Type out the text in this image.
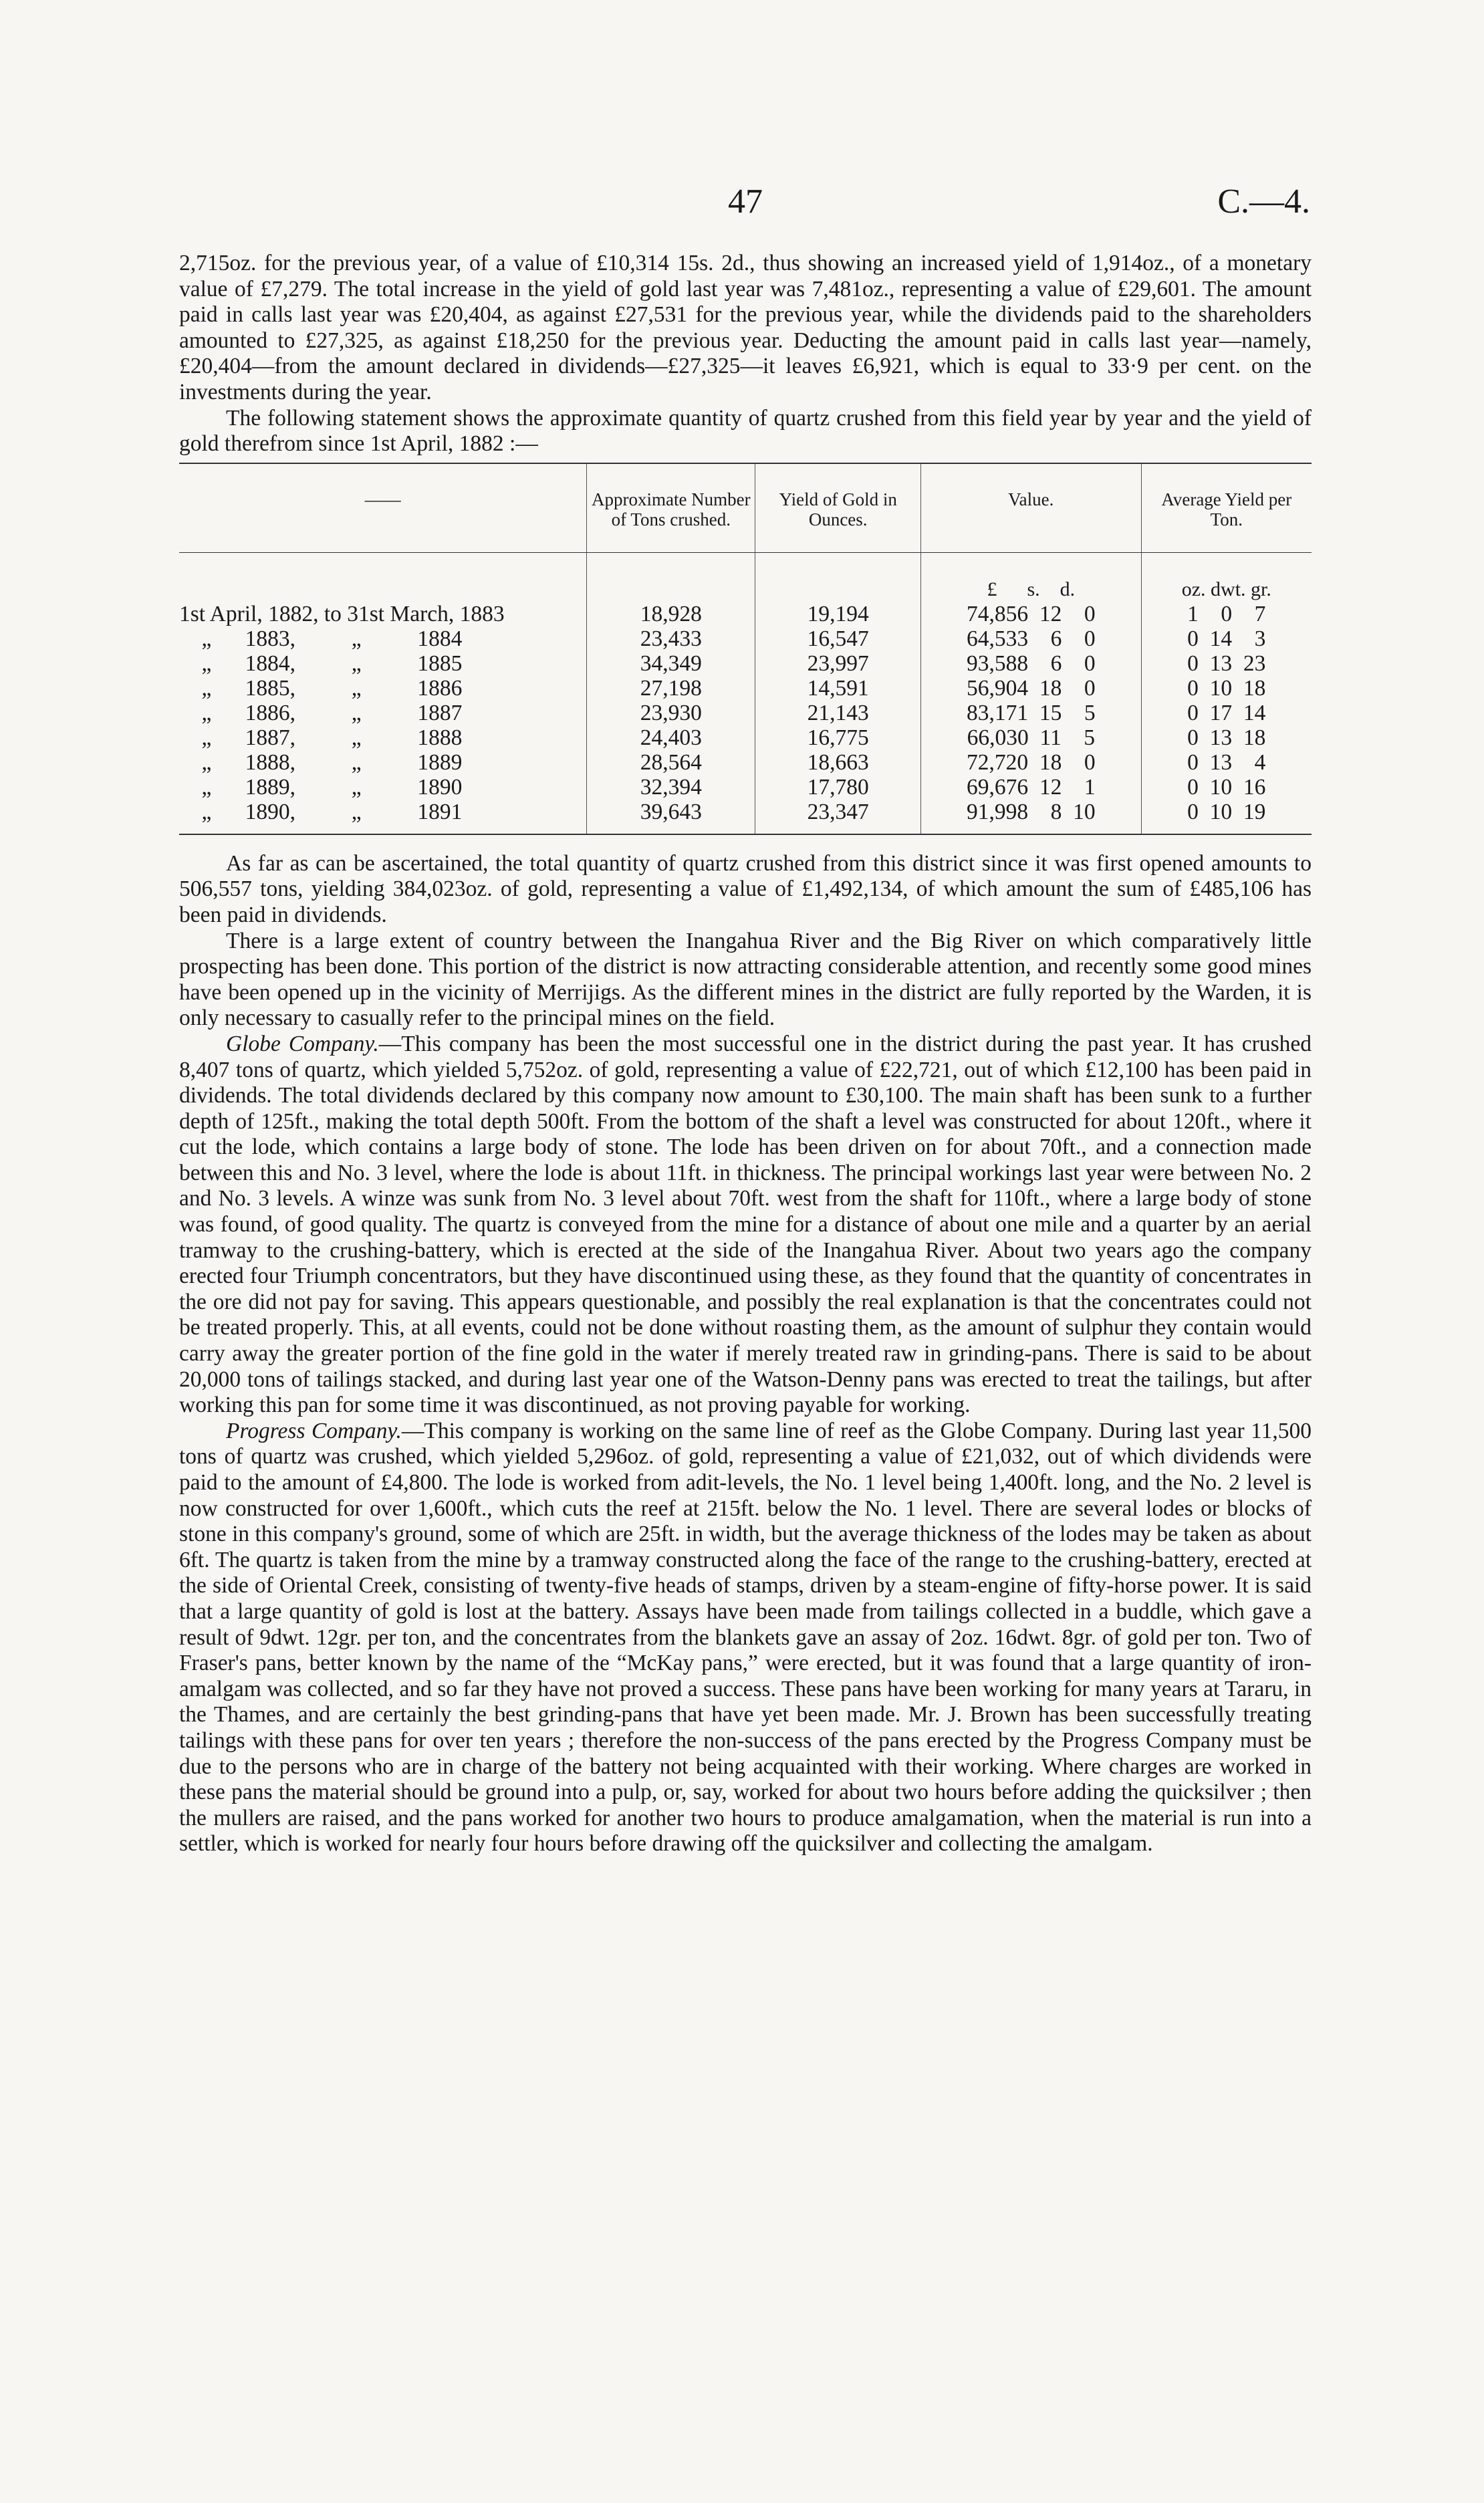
47	C.—4.

2,715oz. for the previous year, of a value of £10,314 15s. 2d., thus showing an increased yield of 1,914oz., of a monetary value of £7,279. The total increase in the yield of gold last year was 7,481oz., representing a value of £29,601. The amount paid in calls last year was £20,404, as against £27,531 for the previous year, while the dividends paid to the shareholders amounted to £27,325, as against £18,250 for the previous year. Deducting the amount paid in calls last year—namely, £20,404—from the amount declared in dividends—£27,325—it leaves £6,921, which is equal to 33·9 per cent. on the investments during the year.

The following statement shows the approximate quantity of quartz crushed from this field year by year and the yield of gold therefrom since 1st April, 1882 :—

——	Approximate Number of Tons crushed.	Yield of Gold in Ounces.	Value.	Average Yield per Ton.
			£      s.    d.	oz. dwt. gr.
1st April, 1882, to 31st March, 1883	18,928	19,194	74,856  12    0	1    0    7
„      1883,          „          1884	23,433	16,547	64,533    6    0	0  14    3
„      1884,          „          1885	34,349	23,997	93,588    6    0	0  13  23
„      1885,          „          1886	27,198	14,591	56,904  18    0	0  10  18
„      1886,          „          1887	23,930	21,143	83,171  15    5	0  17  14
„      1887,          „          1888	24,403	16,775	66,030  11    5	0  13  18
„      1888,          „          1889	28,564	18,663	72,720  18    0	0  13    4
„      1889,          „          1890	32,394	17,780	69,676  12    1	0  10  16
„      1890,          „          1891	39,643	23,347	91,998    8  10	0  10  19

As far as can be ascertained, the total quantity of quartz crushed from this district since it was first opened amounts to 506,557 tons, yielding 384,023oz. of gold, representing a value of £1,492,134, of which amount the sum of £485,106 has been paid in dividends.

There is a large extent of country between the Inangahua River and the Big River on which comparatively little prospecting has been done. This portion of the district is now attracting considerable attention, and recently some good mines have been opened up in the vicinity of Merrijigs. As the different mines in the district are fully reported by the Warden, it is only necessary to casually refer to the principal mines on the field.

Globe Company.—This company has been the most successful one in the district during the past year. It has crushed 8,407 tons of quartz, which yielded 5,752oz. of gold, representing a value of £22,721, out of which £12,100 has been paid in dividends. The total dividends declared by this company now amount to £30,100. The main shaft has been sunk to a further depth of 125ft., making the total depth 500ft. From the bottom of the shaft a level was constructed for about 120ft., where it cut the lode, which contains a large body of stone. The lode has been driven on for about 70ft., and a connection made between this and No. 3 level, where the lode is about 11ft. in thickness. The principal workings last year were between No. 2 and No. 3 levels. A winze was sunk from No. 3 level about 70ft. west from the shaft for 110ft., where a large body of stone was found, of good quality. The quartz is conveyed from the mine for a distance of about one mile and a quarter by an aerial tramway to the crushing-battery, which is erected at the side of the Inangahua River. About two years ago the company erected four Triumph concentrators, but they have discontinued using these, as they found that the quantity of concentrates in the ore did not pay for saving. This appears questionable, and possibly the real explanation is that the concentrates could not be treated properly. This, at all events, could not be done without roasting them, as the amount of sulphur they contain would carry away the greater portion of the fine gold in the water if merely treated raw in grinding-pans. There is said to be about 20,000 tons of tailings stacked, and during last year one of the Watson-Denny pans was erected to treat the tailings, but after working this pan for some time it was discontinued, as not proving payable for working.

Progress Company.—This company is working on the same line of reef as the Globe Company. During last year 11,500 tons of quartz was crushed, which yielded 5,296oz. of gold, representing a value of £21,032, out of which dividends were paid to the amount of £4,800. The lode is worked from adit-levels, the No. 1 level being 1,400ft. long, and the No. 2 level is now constructed for over 1,600ft., which cuts the reef at 215ft. below the No. 1 level. There are several lodes or blocks of stone in this company's ground, some of which are 25ft. in width, but the average thickness of the lodes may be taken as about 6ft. The quartz is taken from the mine by a tramway constructed along the face of the range to the crushing-battery, erected at the side of Oriental Creek, consisting of twenty-five heads of stamps, driven by a steam-engine of fifty-horse power. It is said that a large quantity of gold is lost at the battery. Assays have been made from tailings collected in a buddle, which gave a result of 9dwt. 12gr. per ton, and the concentrates from the blankets gave an assay of 2oz. 16dwt. 8gr. of gold per ton. Two of Fraser's pans, better known by the name of the “McKay pans,” were erected, but it was found that a large quantity of iron-amalgam was collected, and so far they have not proved a success. These pans have been working for many years at Tararu, in the Thames, and are certainly the best grinding-pans that have yet been made. Mr. J. Brown has been successfully treating tailings with these pans for over ten years ; therefore the non-success of the pans erected by the Progress Company must be due to the persons who are in charge of the battery not being acquainted with their working. Where charges are worked in these pans the material should be ground into a pulp, or, say, worked for about two hours before adding the quicksilver ; then the mullers are raised, and the pans worked for another two hours to produce amalgamation, when the material is run into a settler, which is worked for nearly four hours before drawing off the quicksilver and collecting the amalgam.
